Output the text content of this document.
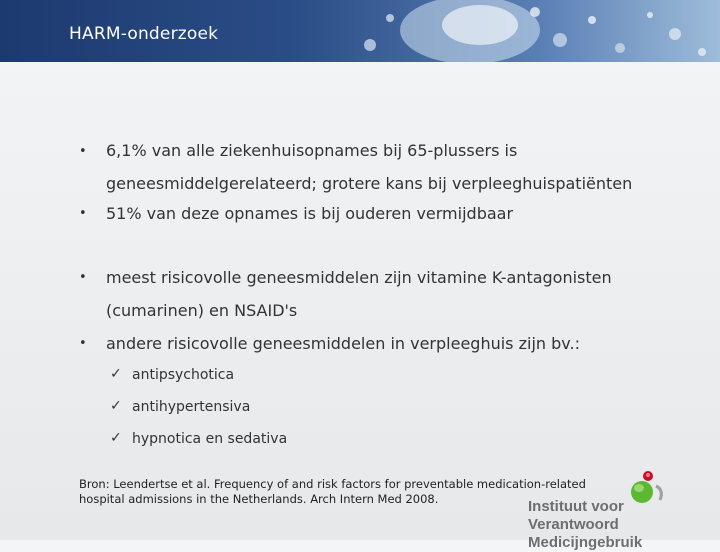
HARM-onderzoek
• 6,1% van alle ziekenhuisopnames bij 65-plussers is
geneesmiddelgerelateerd; grotere kans bij verpleeghuispatiënten
• 51% van deze opnames is bij ouderen vermijdbaar
• meest risicovolle geneesmiddelen zijn vitamine K-antagonisten
(cumarinen) en NSAID's
• andere risicovolle geneesmiddelen in verpleeghuis zijn bv.:
✓ antipsychotica
✓ antihypertensiva
✓ hypnotica en sedativa
Bron: Leendertse et al. Frequency of and risk factors for preventable medication-related
hospital admissions in the Netherlands. Arch Intern Med 2008.	Instituut voor
Verantwoord Medicijngebruik
